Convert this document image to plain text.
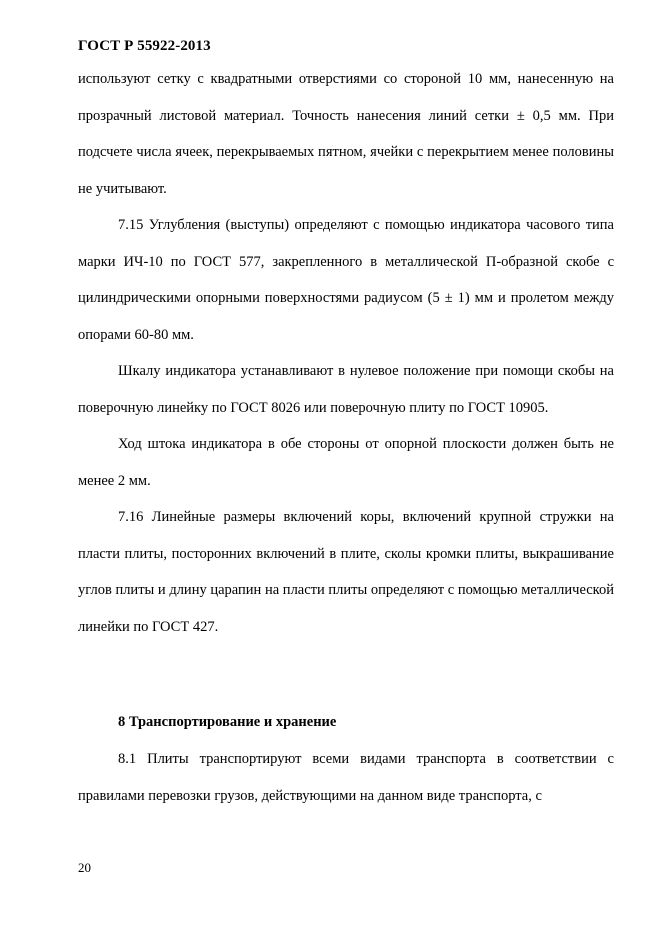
ГОСТ Р 55922-2013

используют сетку с квадратными отверстиями со стороной 10 мм, нанесенную на прозрачный листовой материал. Точность нанесения линий сетки ± 0,5 мм. При подсчете числа ячеек, перекрываемых пятном, ячейки с перекрытием менее половины не учитывают.

7.15 Углубления (выступы) определяют с помощью индикатора часового типа марки ИЧ-10 по ГОСТ 577, закрепленного в металлической П-образной скобе с цилиндрическими опорными поверхностями радиусом (5 ± 1) мм и пролетом между опорами 60-80 мм.

Шкалу индикатора устанавливают в нулевое положение при помощи скобы на поверочную линейку по ГОСТ 8026 или поверочную плиту по ГОСТ 10905.

Ход штока индикатора в обе стороны от опорной плоскости должен быть не менее 2 мм.

7.16 Линейные размеры включений коры, включений крупной стружки на пласти плиты, посторонних включений в плите, сколы кромки плиты, выкрашивание углов плиты и длину царапин на пласти плиты определяют с помощью металлической линейки по ГОСТ 427.

8 Транспортирование и хранение

8.1 Плиты транспортируют всеми видами транспорта в соответствии с правилами перевозки грузов, действующими на данном виде транспорта, с

20
